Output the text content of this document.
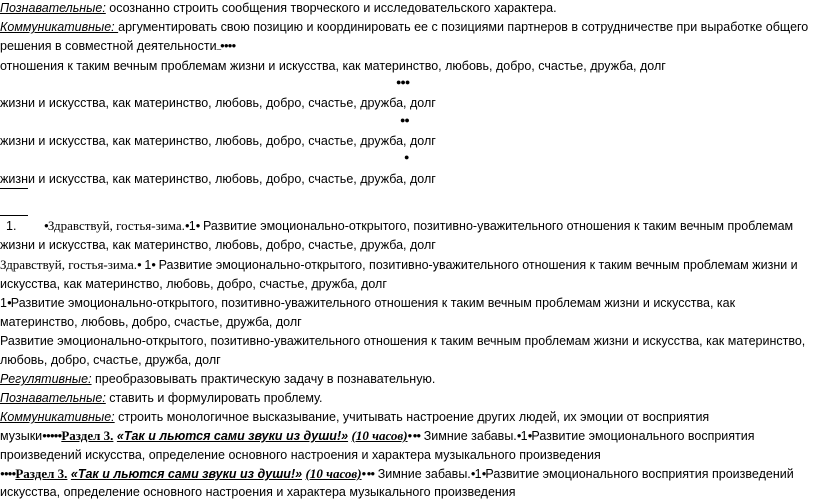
Познавательные: осознанно строить сообщения творческого и исследовательского характера.
Коммуникативные: аргументировать свою позицию и координировать ее с позициями партнеров в сотрудничестве при выработке общего
решения в совместной деятельности_●●●●
отношения к таким вечным проблемам жизни и искусства, как материнство, любовь, добро, счастье, дружба, долг
●●●
жизни и искусства, как материнство, любовь, добро, счастье, дружба, долг
●●
жизни и искусства, как материнство, любовь, добро, счастье, дружба, долг
●
жизни и искусства, как материнство, любовь, добро, счастье, дружба, долг
1.	●Здравствуй, гостья-зима.●1● Развитие эмоционально-открытого, позитивно-уважительного отношения к таким вечным проблемам
жизни и искусства, как материнство, любовь, добро, счастье, дружба, долг
Здравствуй, гостья-зима.● 1● Развитие эмоционально-открытого, позитивно-уважительного отношения к таким вечным проблемам жизни и
искусства, как материнство, любовь, добро, счастье, дружба, долг
1●Развитие эмоционально-открытого, позитивно-уважительного отношения к таким вечным проблемам жизни и искусства, как
материнство, любовь, добро, счастье, дружба, долг
Развитие эмоционально-открытого, позитивно-уважительного отношения к таким вечным проблемам жизни и искусства, как материнство,
любовь, добро, счастье, дружба, долг
Регулятивные: преобразовывать практическую задачу в познавательную.
Познавательные: ставить и формулировать проблему.
Коммуникативные: строить монологичное высказывание, учитывать настроение других людей, их эмоции от восприятия
музыки●●●●●Раздел 3. «Так и льются сами звуки из души!» (10 часов)● ●● Зимние забавы.●1●Развитие эмоционального восприятия
произведений искусства, определение основного настроения и характера музыкального произведения
●●●●Раздел 3. «Так и льются сами звуки из души!» (10 часов)● ●● Зимние забавы.●1●Развитие эмоционального восприятия произведений
искусства, определение основного настроения и характера музыкального произведения
